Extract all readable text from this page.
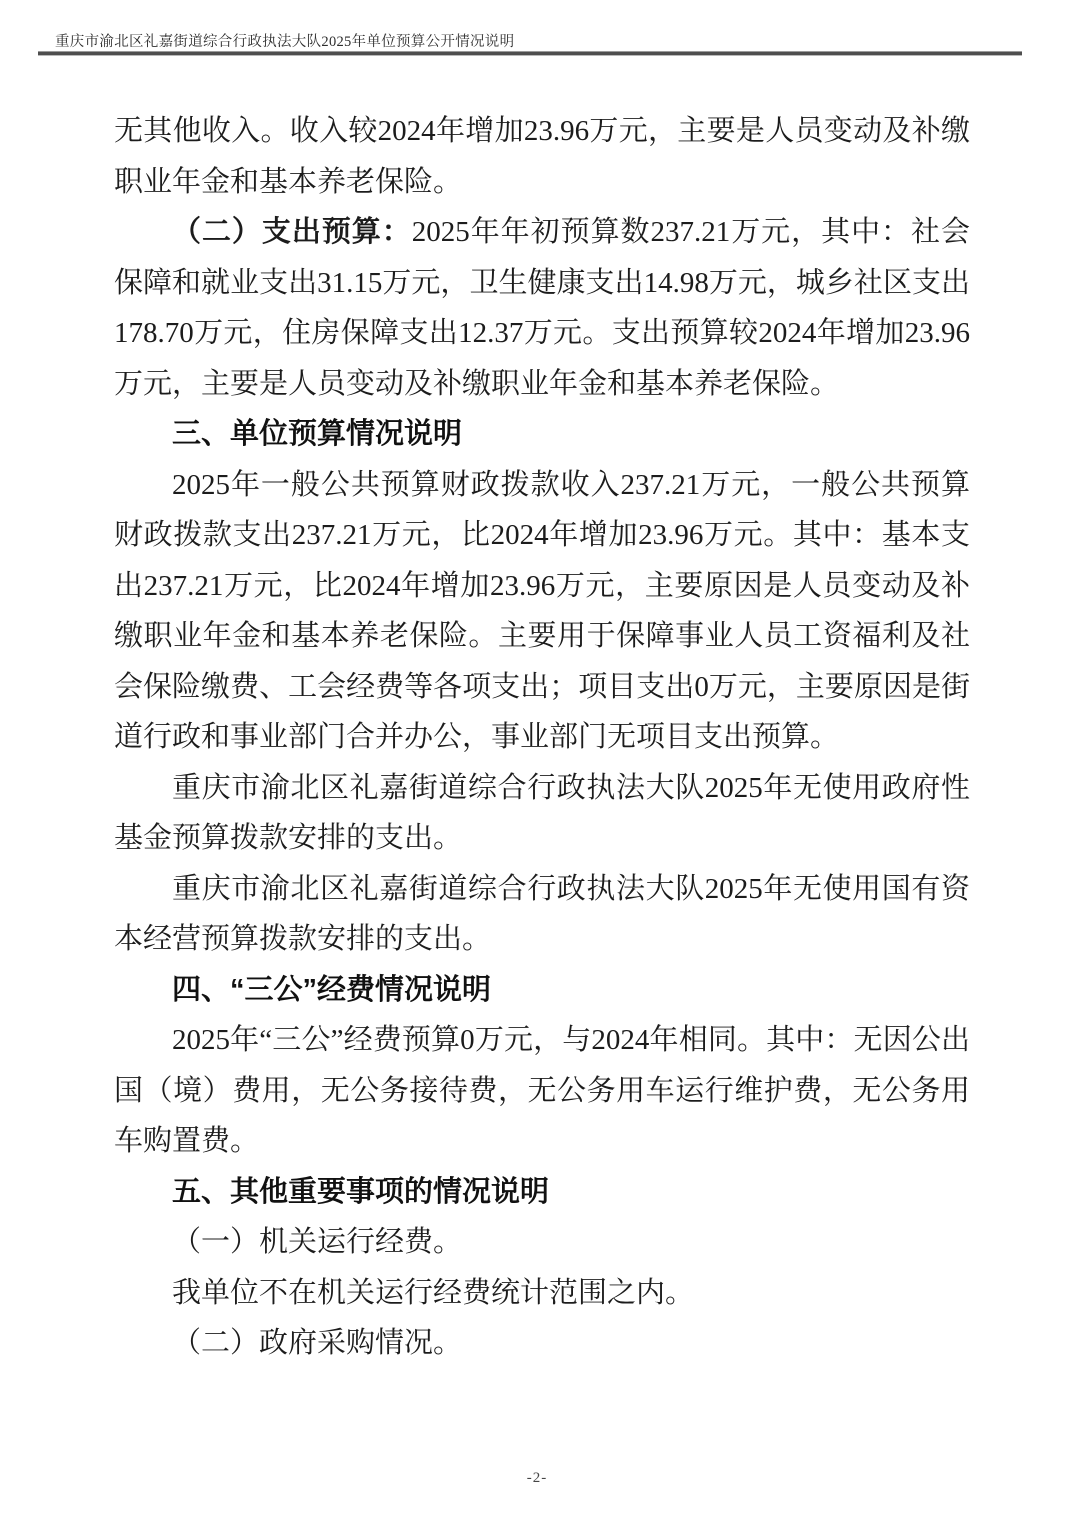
重庆市渝北区礼嘉街道综合行政执法大队2025年单位预算公开情况说明

无其他收入。收入较2024年增加23.96万元，主要是人员变动及补缴职业年金和基本养老保险。

（二）支出预算：2025年年初预算数237.21万元，其中：社会保障和就业支出31.15万元，卫生健康支出14.98万元，城乡社区支出178.70万元，住房保障支出12.37万元。支出预算较2024年增加23.96万元，主要是人员变动及补缴职业年金和基本养老保险。

三、单位预算情况说明

2025年一般公共预算财政拨款收入237.21万元，一般公共预算财政拨款支出237.21万元，比2024年增加23.96万元。其中：基本支出237.21万元，比2024年增加23.96万元，主要原因是人员变动及补缴职业年金和基本养老保险。主要用于保障事业人员工资福利及社会保险缴费、工会经费等各项支出；项目支出0万元，主要原因是街道行政和事业部门合并办公，事业部门无项目支出预算。

重庆市渝北区礼嘉街道综合行政执法大队2025年无使用政府性基金预算拨款安排的支出。

重庆市渝北区礼嘉街道综合行政执法大队2025年无使用国有资本经营预算拨款安排的支出。

四、“三公”经费情况说明

2025年“三公”经费预算0万元，与2024年相同。其中：无因公出国（境）费用，无公务接待费，无公务用车运行维护费，无公务用车购置费。

五、其他重要事项的情况说明

（一）机关运行经费。

我单位不在机关运行经费统计范围之内。

（二）政府采购情况。

-2-
